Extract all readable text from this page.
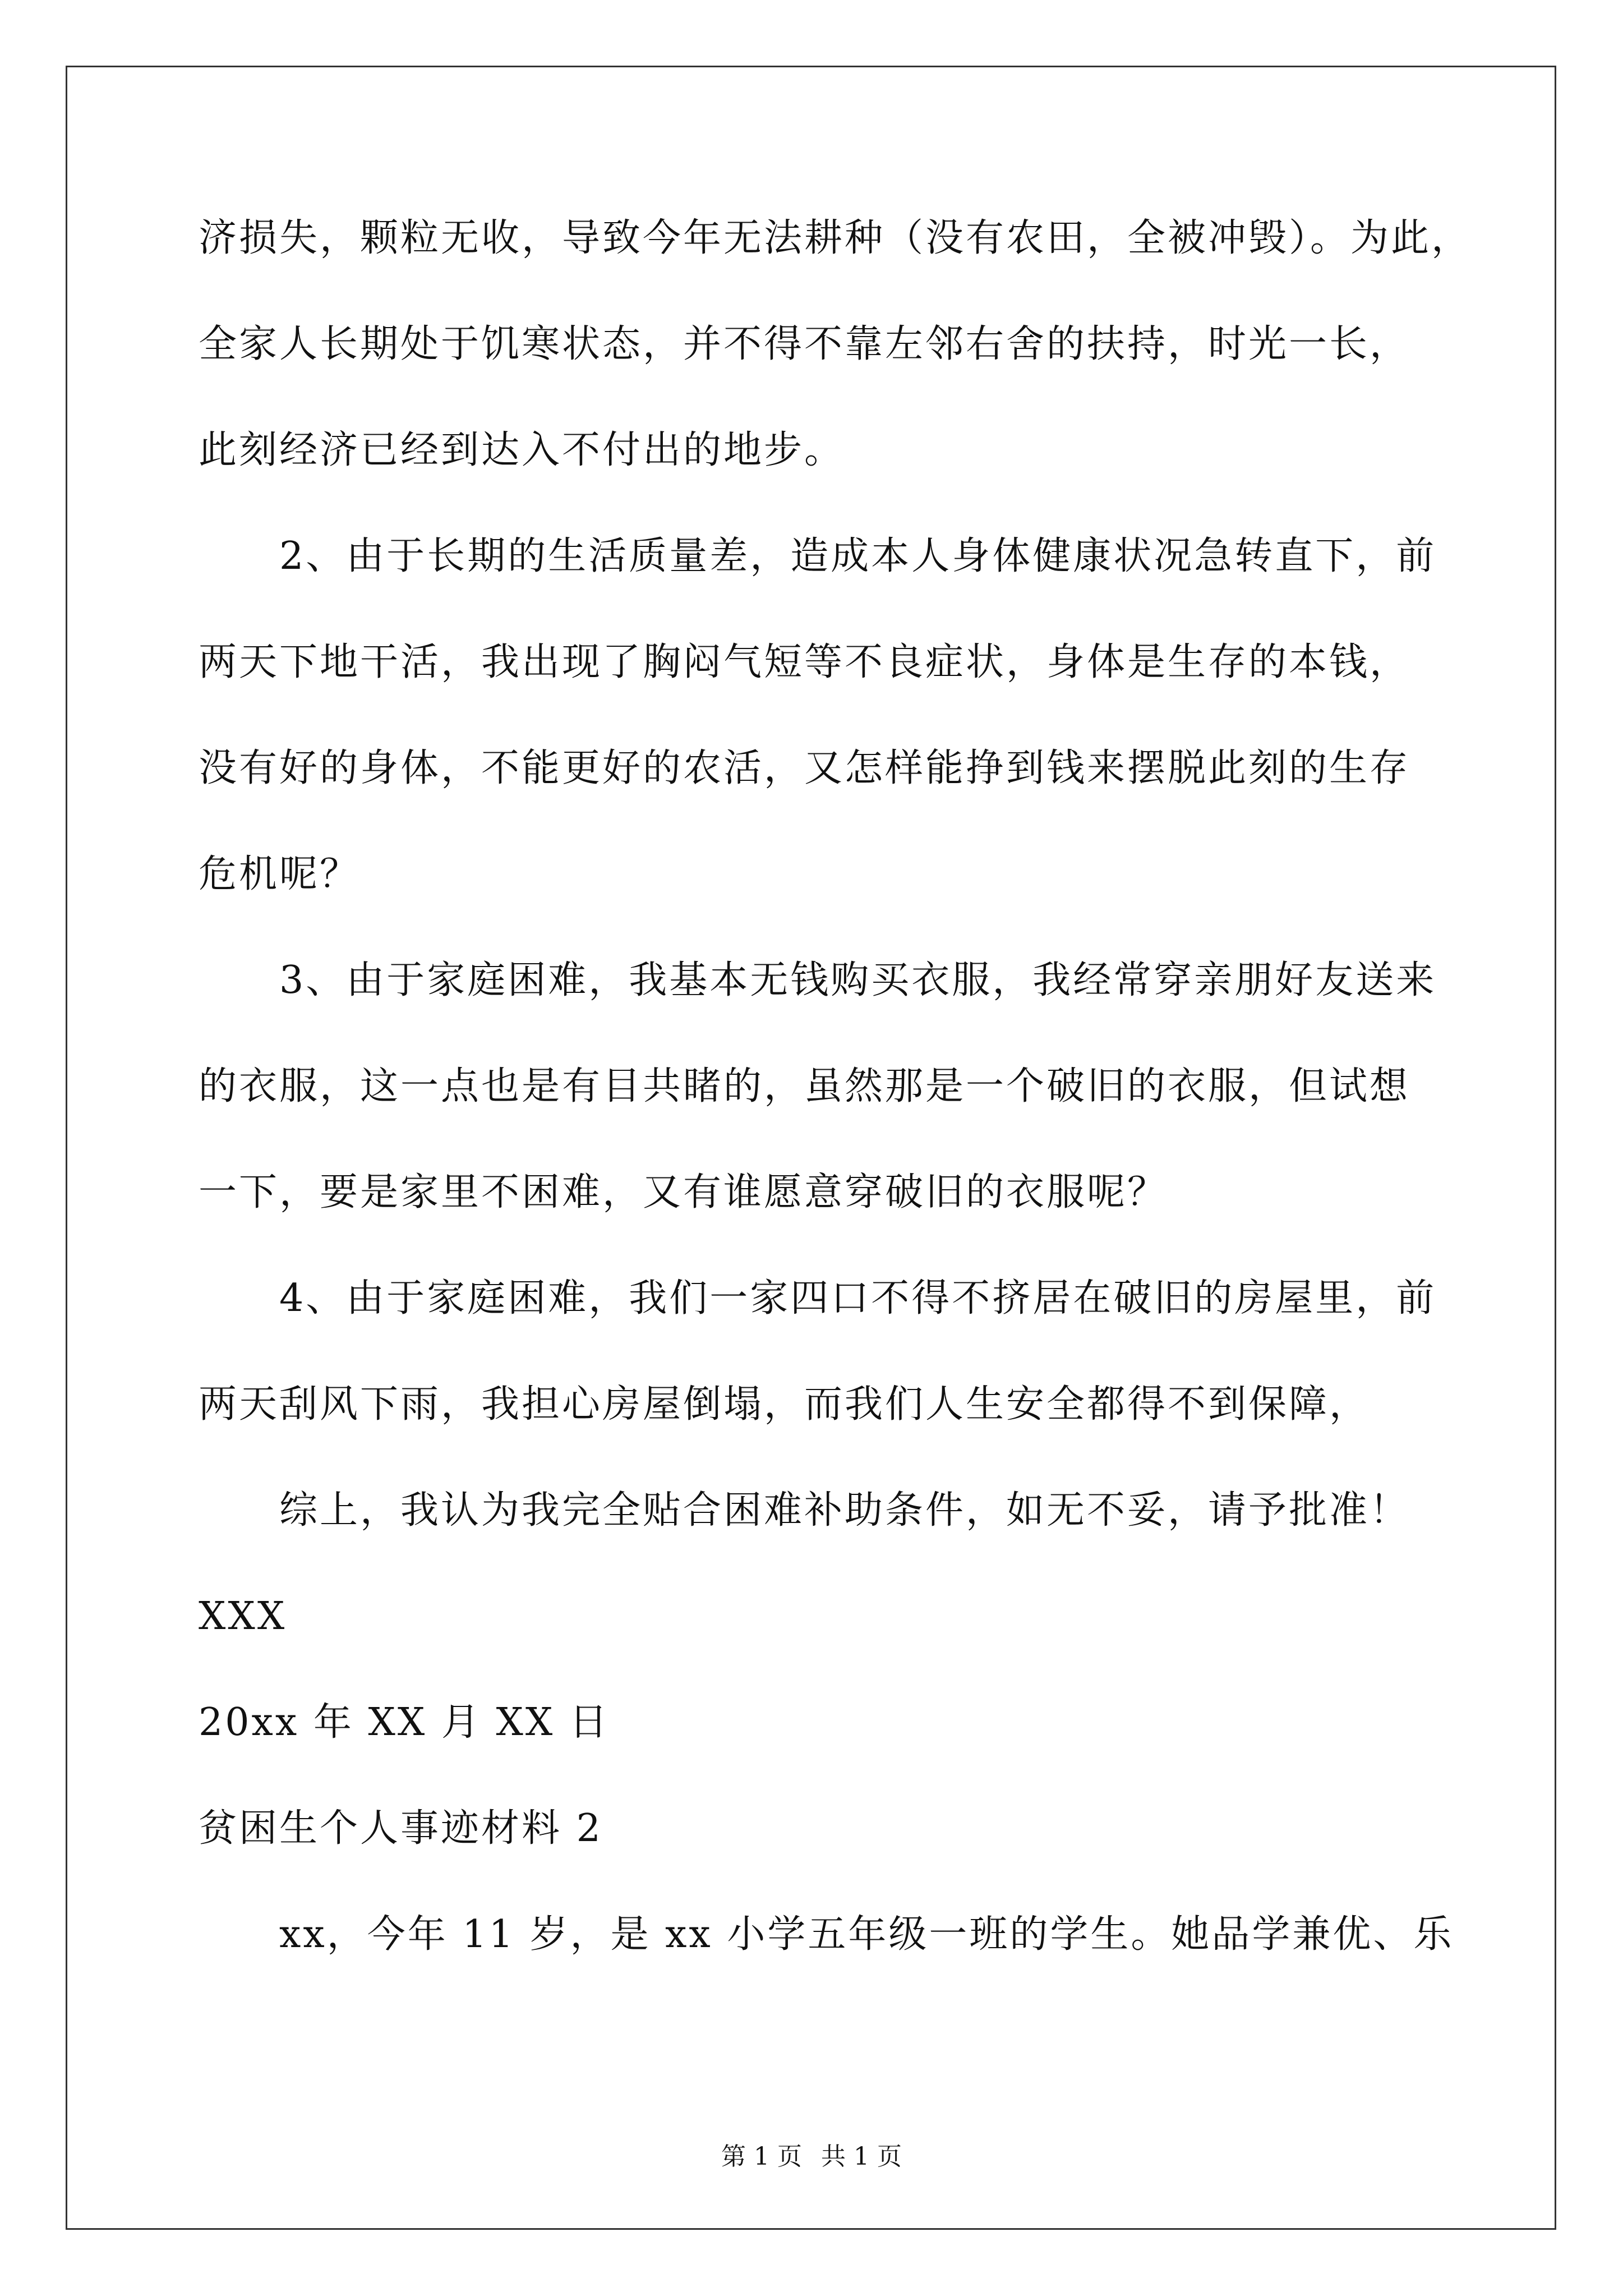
济损失，颗粒无收，导致今年无法耕种（没有农田，全被冲毁）。为此，
全家人长期处于饥寒状态，并不得不靠左邻右舍的扶持，时光一长，
此刻经济已经到达入不付出的地步。
2、由于长期的生活质量差，造成本人身体健康状况急转直下，前
两天下地干活，我出现了胸闷气短等不良症状，身体是生存的本钱，
没有好的身体，不能更好的农活，又怎样能挣到钱来摆脱此刻的生存
危机呢？
3、由于家庭困难，我基本无钱购买衣服，我经常穿亲朋好友送来
的衣服，这一点也是有目共睹的，虽然那是一个破旧的衣服，但试想
一下，要是家里不困难，又有谁愿意穿破旧的衣服呢？
4、由于家庭困难，我们一家四口不得不挤居在破旧的房屋里，前
两天刮风下雨，我担心房屋倒塌，而我们人生安全都得不到保障，
综上，我认为我完全贴合困难补助条件，如无不妥，请予批准！
XXX
20xx 年 XX 月 XX 日
贫困生个人事迹材料 2
xx，今年 11 岁，是 xx 小学五年级一班的学生。她品学兼优、乐
第 1 页 共 1 页
